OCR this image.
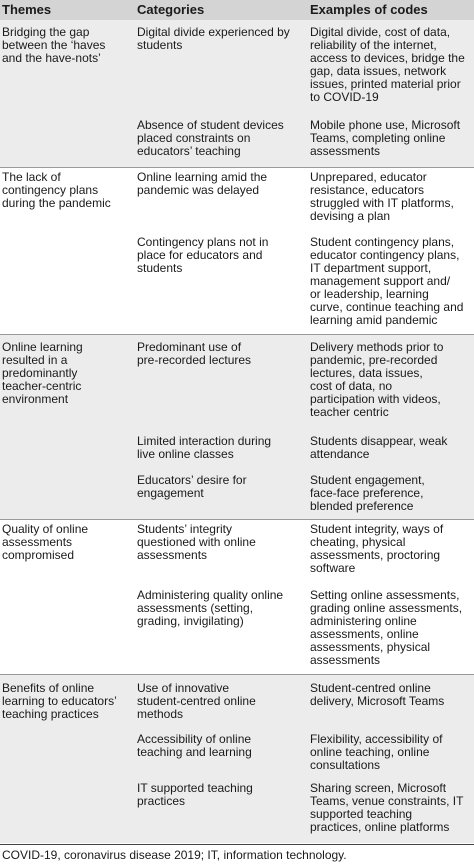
Themes	Categories	Examples of codes

Bridging the gap
between the ‘haves
and the have-nots’

Digital divide experienced by
students

Digital divide, cost of data,
reliability of the internet,
access to devices, bridge the
gap, data issues, network
issues, printed material prior
to COVID-19

Absence of student devices
placed constraints on
educators’ teaching

Mobile phone use, Microsoft
Teams, completing online
assessments

The lack of
contingency plans
during the pandemic

Online learning amid the
pandemic was delayed

Unprepared, educator
resistance, educators
struggled with IT platforms,
devising a plan

Contingency plans not in
place for educators and
students

Student contingency plans,
educator contingency plans,
IT department support,
management support and/
or leadership, learning
curve, continue teaching and
learning amid pandemic

Online learning
resulted in a
predominantly
teacher-centric
environment

Predominant use of
pre-recorded lectures

Delivery methods prior to
pandemic, pre-recorded
lectures, data issues,
cost of data, no
participation with videos,
teacher centric

Limited interaction during
live online classes

Students disappear, weak
attendance

Educators’ desire for
engagement

Student engagement,
face-face preference,
blended preference

Quality of online
assessments
compromised

Students’ integrity
questioned with online
assessments

Student integrity, ways of
cheating, physical
assessments, proctoring
software

Administering quality online
assessments (setting,
grading, invigilating)

Setting online assessments,
grading online assessments,
administering online
assessments, online
assessments, physical
assessments

Benefits of online
learning to educators’
teaching practices

Use of innovative
student-centred online
methods

Student-centred online
delivery, Microsoft Teams

Accessibility of online
teaching and learning

Flexibility, accessibility of
online teaching, online
consultations

IT supported teaching
practices

Sharing screen, Microsoft
Teams, venue constraints, IT
supported teaching
practices, online platforms

COVID-19, coronavirus disease 2019; IT, information technology.
